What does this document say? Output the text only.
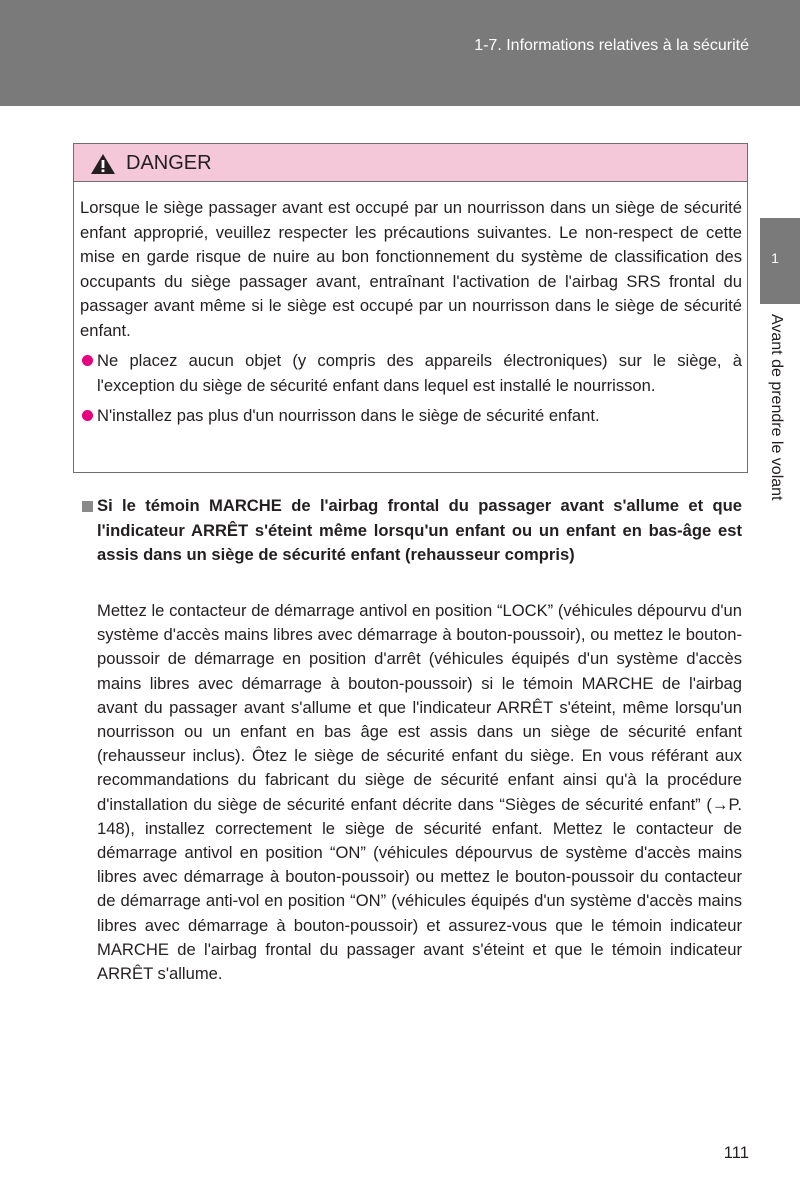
1-7. Informations relatives à la sécurité
1
Avant de prendre le volant
DANGER

Lorsque le siège passager avant est occupé par un nourrisson dans un siège de sécurité enfant approprié, veuillez respecter les précautions suivantes. Le non-respect de cette mise en garde risque de nuire au bon fonctionnement du système de classification des occupants du siège passager avant, entraînant l'activation de l'airbag SRS frontal du passager avant même si le siège est occupé par un nourrisson dans le siège de sécurité enfant.

Ne placez aucun objet (y compris des appareils électroniques) sur le siège, à l'exception du siège de sécurité enfant dans lequel est installé le nourrisson.

N'installez pas plus d'un nourrisson dans le siège de sécurité enfant.

Si le témoin MARCHE de l'airbag frontal du passager avant s'allume et que l'indicateur ARRÊT s'éteint même lorsqu'un enfant ou un enfant en bas-âge est assis dans un siège de sécurité enfant (rehausseur compris)

Mettez le contacteur de démarrage antivol en position “LOCK” (véhicules dépourvu d'un système d'accès mains libres avec démarrage à bouton-poussoir), ou mettez le bouton-poussoir de démarrage en position d'arrêt (véhicules équipés d'un système d'accès mains libres avec démarrage à bouton-poussoir) si le témoin MARCHE de l'airbag avant du passager avant s'allume et que l'indicateur ARRÊT s'éteint, même lorsqu'un nourrisson ou un enfant en bas âge est assis dans un siège de sécurité enfant (rehausseur inclus). Ôtez le siège de sécurité enfant du siège. En vous référant aux recommandations du fabricant du siège de sécurité enfant ainsi qu'à la procédure d'installation du siège de sécurité enfant décrite dans “Sièges de sécurité enfant” (→P. 148), installez correctement le siège de sécurité enfant. Mettez le contacteur de démarrage antivol en position “ON” (véhicules dépourvus de système d'accès mains libres avec démarrage à bouton-poussoir) ou mettez le bouton-poussoir du contacteur de démarrage anti-vol en position “ON” (véhicules équipés d'un système d'accès mains libres avec démarrage à bouton-poussoir) et assurez-vous que le témoin indicateur MARCHE de l'airbag frontal du passager avant s'éteint et que le témoin indicateur ARRÊT s'allume.

111
